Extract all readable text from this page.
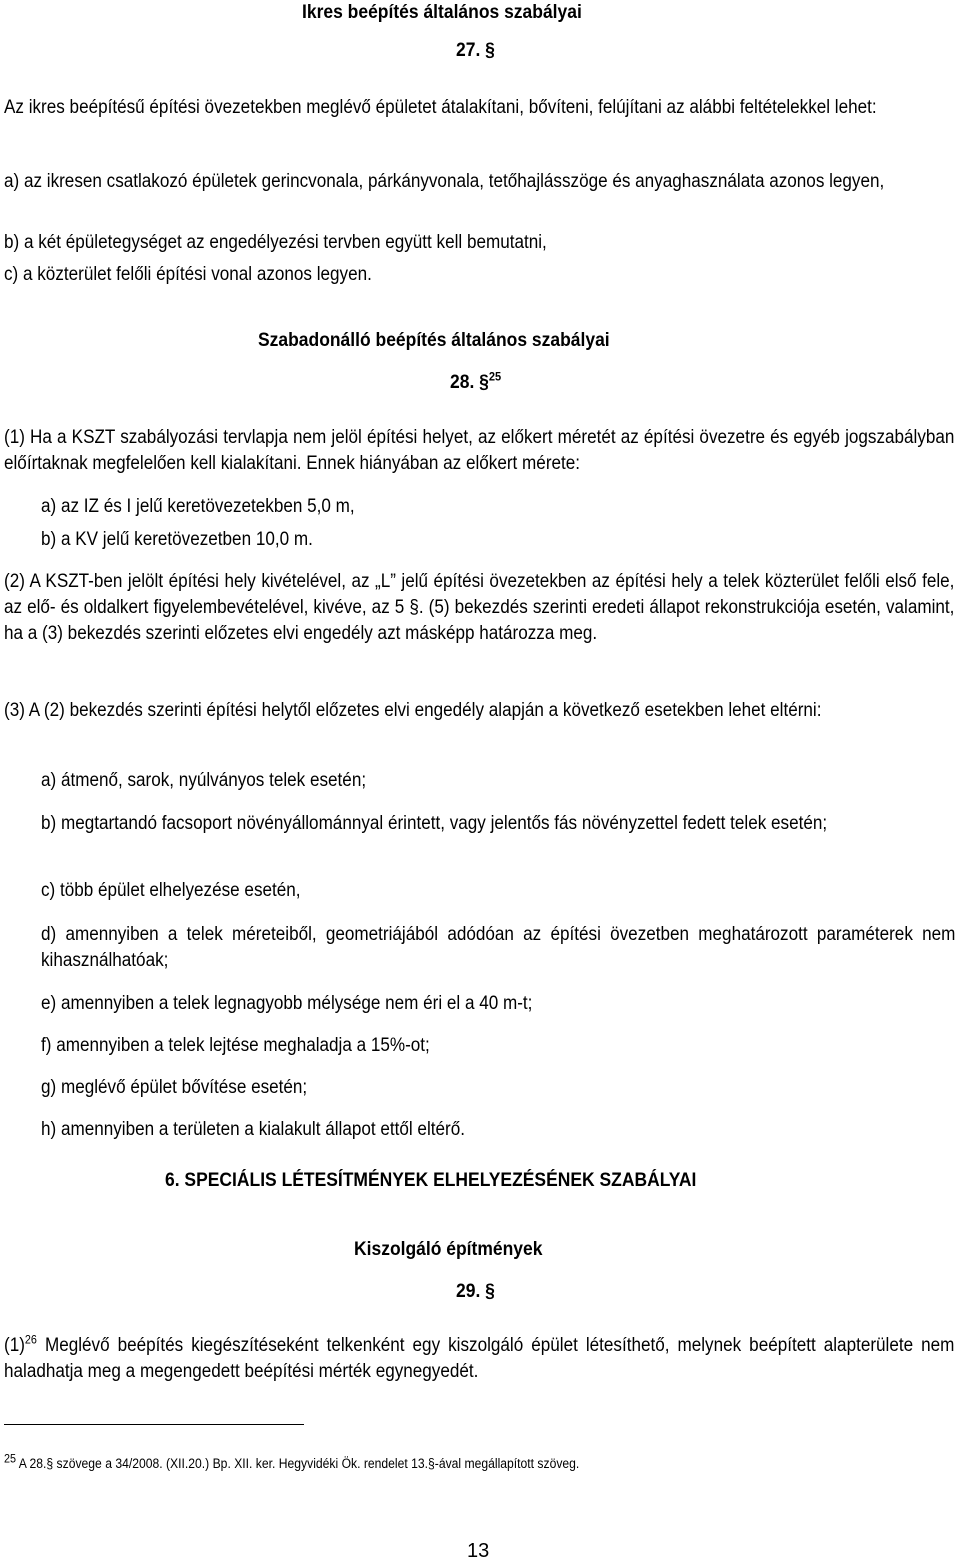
Ikres beépítés általános szabályai
27. §
Az ikres beépítésű építési övezetekben meglévő épületet átalakítani, bővíteni, felújítani az alábbi feltételekkel lehet:
a) az ikresen csatlakozó épületek gerincvonala, párkányvonala, tetőhajlásszöge és anyaghasználata azonos legyen,
b) a két épületegységet az engedélyezési tervben együtt kell bemutatni,
c) a közterület felőli építési vonal azonos legyen.
Szabadonálló beépítés általános szabályai
28. §$^{25}$
(1) Ha a KSZT szabályozási tervlapja nem jelöl építési helyet, az előkert méretét az építési övezetre és egyéb jogszabályban előírtaknak megfelelően kell kialakítani. Ennek hiányában az előkert mérete:
a) az IZ és I jelű keretövezetekben 5,0 m,
b) a KV jelű keretövezetben 10,0 m.
(2) A KSZT-ben jelölt építési hely kivételével, az „L” jelű építési övezetekben az építési hely a telek közterület felőli első fele, az elő- és oldalkert figyelembevételével, kivéve, az 5 §. (5) bekezdés szerinti eredeti állapot rekonstrukciója esetén, valamint, ha a (3) bekezdés szerinti előzetes elvi engedély azt másképp határozza meg.
(3) A (2) bekezdés szerinti építési helytől előzetes elvi engedély alapján a következő esetekben lehet eltérni:
a) átmenő, sarok, nyúlványos telek esetén;
b) megtartandó facsoport növényállománnyal érintett, vagy jelentős fás növényzettel fedett telek esetén;
c) több épület elhelyezése esetén,
d) amennyiben a telek méreteiből, geometriájából adódóan az építési övezetben meghatározott paraméterek nem kihasználhatóak;
e) amennyiben a telek legnagyobb mélysége nem éri el a 40 m-t;
f) amennyiben a telek lejtése meghaladja a 15%-ot;
g) meglévő épület bővítése esetén;
h) amennyiben a területen a kialakult állapot ettől eltérő.
6. SPECIÁLIS LÉTESÍTMÉNYEK ELHELYEZÉSÉNEK SZABÁLYAI
Kiszolgáló építmények
29. §
$(1)^{26}$ Meglévő beépítés kiegészítéseként telkenként egy kiszolgáló épület létesíthető, melynek beépített alapterülete nem haladhatja meg a megengedett beépítési mérték egynegyedét.
$^{25}$ A 28.§ szövege a 34/2008. (XII.20.) Bp. XII. ker. Hegyvidéki Ök. rendelet 13.§-ával megállapított szöveg.
13
